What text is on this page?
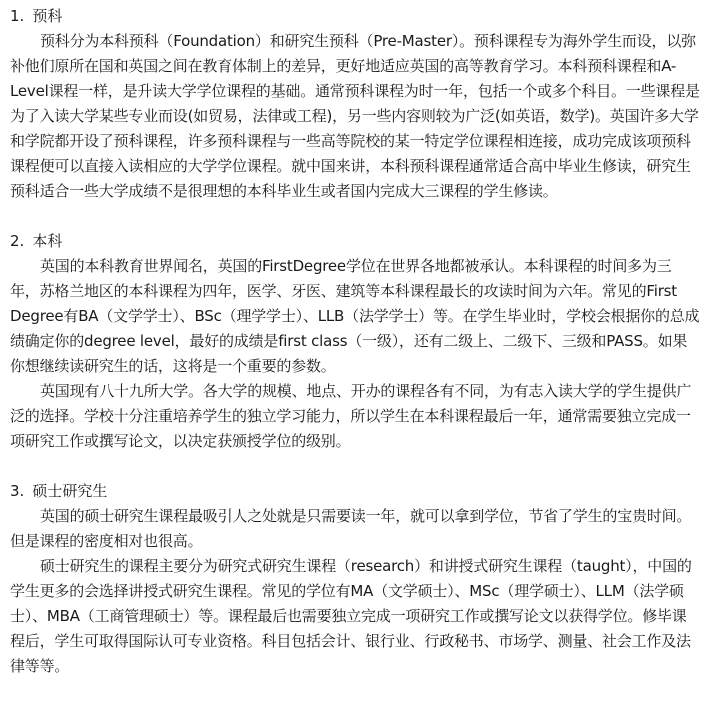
1. 预科

预科分为本科预科（Foundation）和研究生预科（Pre-Master）。预科课程专为海外学生而设，以弥补他们原所在国和英国之间在教育体制上的差异，更好地适应英国的高等教育学习。本科预科课程和A-Level课程一样，是升读大学学位课程的基础。通常预科课程为时一年，包括一个或多个科目。一些课程是为了入读大学某些专业而设(如贸易，法律或工程)，另一些内容则较为广泛(如英语，数学)。英国许多大学和学院都开设了预科课程，许多预科课程与一些高等院校的某一特定学位课程相连接，成功完成该项预科课程便可以直接入读相应的大学学位课程。就中国来讲，本科预科课程通常适合高中毕业生修读，研究生预科适合一些大学成绩不是很理想的本科毕业生或者国内完成大三课程的学生修读。

2. 本科

英国的本科教育世界闻名，英国的FirstDegree学位在世界各地都被承认。本科课程的时间多为三年，苏格兰地区的本科课程为四年，医学、牙医、建筑等本科课程最长的攻读时间为六年。常见的First Degree有BA（文学学士）、BSc（理学学士）、LLB（法学学士）等。在学生毕业时，学校会根据你的总成绩确定你的degree level，最好的成绩是first class（一级），还有二级上、二级下、三级和PASS。如果你想继续读研究生的话，这将是一个重要的参数。

英国现有八十九所大学。各大学的规模、地点、开办的课程各有不同，为有志入读大学的学生提供广泛的选择。学校十分注重培养学生的独立学习能力，所以学生在本科课程最后一年，通常需要独立完成一项研究工作或撰写论文，以决定获颁授学位的级别。

3. 硕士研究生

英国的硕士研究生课程最吸引人之处就是只需要读一年，就可以拿到学位，节省了学生的宝贵时间。但是课程的密度相对也很高。

硕士研究生的课程主要分为研究式研究生课程（research）和讲授式研究生课程（taught），中国的学生更多的会选择讲授式研究生课程。常见的学位有MA（文学硕士）、MSc（理学硕士）、LLM（法学硕士）、MBA（工商管理硕士）等。课程最后也需要独立完成一项研究工作或撰写论文以获得学位。修毕课程后，学生可取得国际认可专业资格。科目包括会计、银行业、行政秘书、市场学、测量、社会工作及法律等等。
